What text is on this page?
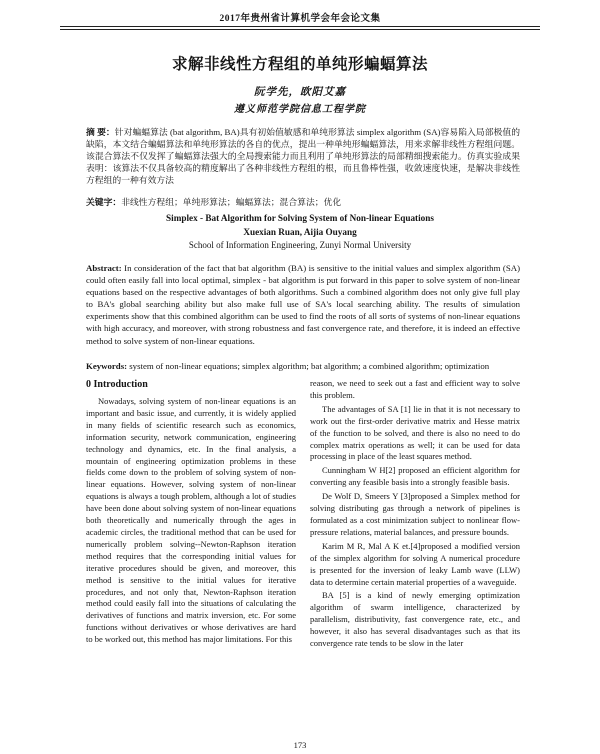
2017年贵州省计算机学会年会论文集
求解非线性方程组的单纯形蝙蝠算法
阮学先，欧阳艾嘉
遵义师范学院信息工程学院

摘 要：针对蝙蝠算法 (bat algorithm, BA)具有初始值敏感和单纯形算法 simplex algorithm (SA)容易陷入局部极值的缺陷，本文结合蝙蝠算法和单纯形算法的各自的优点，提出一种单纯形蝙蝠算法，用来求解非线性方程组问题。该混合算法不仅发挥了蝙蝠算法强大的全局搜索能力而且利用了单纯形算法的局部精细搜索能力。仿真实验成果表明：该算法不仅具备较高的精度解出了各种非线性方程组的根，而且鲁棒性强，收敛速度快速，是解决非线性方程组的一种有效方法

关键字：非线性方程组；单纯形算法；蝙蝠算法；混合算法；优化
Simplex - Bat Algorithm for Solving System of Non-linear Equations
Xuexian Ruan, Aijia Ouyang
School of Information Engineering, Zunyi Normal University

Abstract: In consideration of the fact that bat algorithm (BA) is sensitive to the initial values and simplex algorithm (SA) could often easily fall into local optimal, simplex - bat algorithm is put forward in this paper to solve system of non-linear equations based on the respective advantages of both algorithms. Such a combined algorithm does not only give full play to BA's global searching ability but also make full use of SA's local searching ability. The results of simulation experiments show that this combined algorithm can be used to find the roots of all sorts of systems of non-linear equations with high accuracy, and moreover, with strong robustness and fast convergence rate, and therefore, it is indeed an effective method to solve system of non-linear equations.

Keywords: system of non-linear equations; simplex algorithm; bat algorithm; a combined algorithm; optimization

0 Introduction

Nowadays, solving system of non-linear equations is an important and basic issue, and currently, it is widely applied in many fields of scientific research such as economics, information security, network communication, engineering technology and dynamics, etc. In the final analysis, a mountain of engineering optimization problems in these fields come down to the problem of solving system of non-linear equations. However, solving system of non-linear equations is always a tough problem, although a lot of studies have been done about solving system of non-linear equations both theoretically and numerically through the ages in academic circles, the traditional method that can be used for numerically problem solving--Newton-Raphson iteration method requires that the corresponding initial values for iterative procedures should be given, and moreover, this method is sensitive to the initial values for iterative procedures, and not only that, Newton-Raphson iteration method could easily fall into the situations of calculating the derivatives of functions and matrix inversion, etc. For some functions without derivatives or whose derivatives are hard to be worked out, this method has major limitations. For this

reason, we need to seek out a fast and efficient way to solve this problem.

The advantages of SA [1] lie in that it is not necessary to work out the first-order derivative matrix and Hesse matrix of the function to be solved, and there is also no need to do complex matrix operations as well; it can be used for data processing in place of the least squares method.

Cunningham W H[2] proposed an efficient algorithm for converting any feasible basis into a strongly feasible basis.

De Wolf D, Smeers Y [3]proposed a Simplex method for solving distributing gas through a network of pipelines is formulated as a cost minimization subject to nonlinear flow-pressure relations, material balances, and pressure bounds.

Karim M R, Mal A K et.[4]proposed a modified version of the simplex algorithm for solving A numerical procedure is presented for the inversion of leaky Lamb wave (LLW) data to determine certain material properties of a waveguide.

BA [5] is a kind of newly emerging optimization algorithm of swarm intelligence, characterized by parallelism, distributivity, fast convergence rate, etc., and however, it also has several disadvantages such as that its convergence rate tends to be slow in the later

173
